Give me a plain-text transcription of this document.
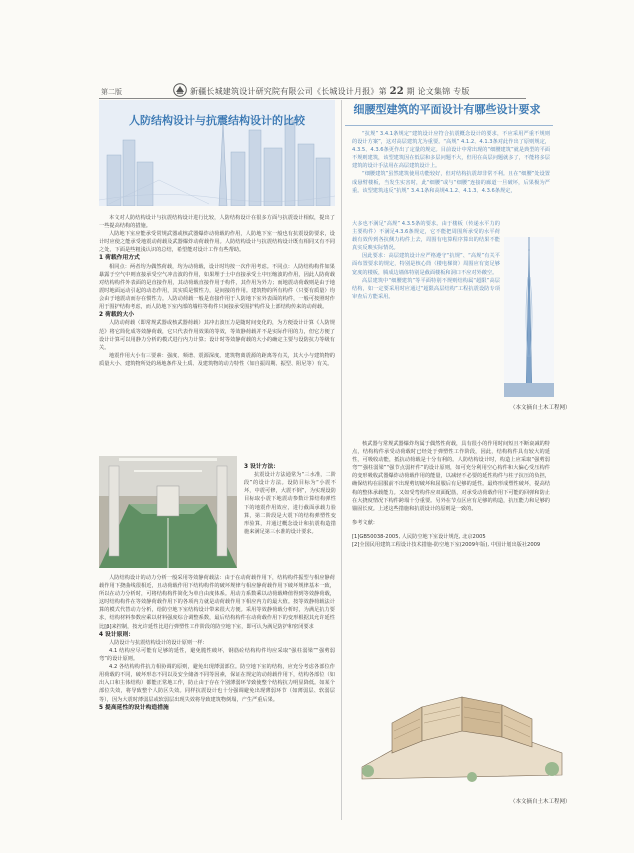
第二版	新疆长城建筑设计研究院有限公司《长城设计月报》第 22 期 论文集锦 专版
人防结构设计与抗震结构设计的比较
细腰型建筑的平面设计有哪些设计要求

本文对人防结构设计与抗震结构设计进行比较，人防结构设计在很多方面与抗震设计相似，提出了一些提高结构的措施。

人防地下室应能承受常规武器或核武器爆炸动荷载的作用，人防地下室一般也有抗震设防要求，设计时应使之能承受地震动荷载及武器爆炸动荷载作用。人防结构设计与抗震结构设计既有相同又有不同之处，下面是些粗浅认识的总结，希望能对设计工作有些帮助。

1 荷载作用方式

相同点：两者均为偶然荷载，均为动荷载，设计时均按一次作用考虑。不同点：人防结构构件如果暴露于空气中则直接承受空气冲击波的作用，如果埋于土中直接承受土中压缩波的作用，因此人防荷载对结构构件外表面的是直接作用，其动荷载直接作用于构件，其作用为外力；而地震动荷载则是由于地震时地面运动引起的动态作用，其实质是惯性力，是间接的作用。建筑物的所有构件（只要有质量）均会由于地震动而存在惯性力。人防动荷载一般是直接作用于人防地下室外表面的构件，一般可按照时作用于围护结构考虑，而人防地下室内部的墙柱等构件只间接承受围护构件及上部结构传来的动荷载。

2 荷载的大小

人防动荷载（即常规武器或核武器荷载）其冲击波压力是随时间变化的，为方便设计计算《人防规范》将它简化成等效静荷载，它只代表作用效果的等效，等效静荷载并不是实际作用的力，但它方便了设计计算可以用静力分析的模式进行内力计算；设计时等效静荷载的大小的确定主要与设防抗力等级有关。

地震作用大小有三要素：强度、频谱、震源深度。建筑物离震源的距离等有关，其大小与建筑物的质量大小、建筑物所处的场地条件及土质、及建筑物的动力特性（如自振周期、振型、阻尼等）有关。

3 设计方法：

抗震设计方法通常为“三水准，二阶段”的设计方法。设防目标为“小震不坏，中震可修，大震不倒”，为实现设防目标取小震下地震动参数计算结构弹性下的地震作用效应，进行截面承载力验算，第二阶段是大震下的结构弹塑性变形验算，并通过概念设计和抗震构造措施来满足第三水准的设计要求。

人防结构设计的动力分析一般采用等效静荷载法：由于在动荷载作用下，结构构件振型与相应静荷载作用下挠曲线很相近，且动荷载作用下结构构件的破坏规律与相应静荷载作用下破坏规律基本一致，所以在动力分析时，可将结构构件简化为单自由度体系。用动力系数乘以动荷载峰值得到等效静荷载，这时结构构件在等效静荷载作用下的各项内力就是动荷载作用下相应内力的最大值。按等效静荷载法计算的模式代替动力分析，给防空地下室结构设计带来很大方便。采用等效静荷载分析时，为满足抗力要求，结构材料参数应乘以材料强度综合调整系数，最后结构构件在动荷载作用下的变形根据其允许延性比[β]来控制，按允许延性比进行弹塑性工作阶段的防空地下室，即可认为满足防护和密闭要求

4 设计原则：

人防设计与抗震结构设计的设计原则一样：

4.1 结构应尽可能有足够的延性，避免脆性破坏，钢筋砼结构构件均应采取“强柱弱梁”“强剪弱弯”的设计原则。

4.2 各结构构件抗力相协调的原则，避免出现薄弱部位。防空地下室的结构，应充分考虑各部位作用荷载的不同，破坏形态不同以及安全储备不同等因素，保证在规定的动荷载作用下，结构各部位（如出入口和主体结构）都能正常地工作，防止由于存在个别薄弱环节致使整个结构抗力明显降低。如某个部位失效，将导致整个人防区失效。同样抗震设计也十分强调避免出现薄弱环节（如薄弱层、软弱层等），因为大震时薄弱层或软弱层出现失效将导致建筑物倒塌，产生严重后果。

5 提高延性的设计构造措施

“抗规” 3.4.1条规定“建筑设计应符合抗震概念设计的要求，不应采用严重不规则的设计方案”，这对高层建筑尤为重要。“高规” 4.1.2、4.1.3条对此作出了原则规定，4.3.5、4.3.6条更作出了定量的规定。目前设计中常出现的“细腰建筑”就是典型的平面不规则建筑，该型建筑因在低层和多层问题不大，但用在高层问题就多了，不能将多层建筑的设计手法用在高层建筑设计上。

“细腰建筑”虽然建筑使用功能较好，但对结构抗震却非常不利。且在“细腰”处设置成悬臂楼板，当发生实害时，此“细腰”或与“细腰”连接的廊道一旦破坏，后果极为严重。该型建筑违反“抗规” 3.4.1条和高规4.1.2、4.1.3、4.3.6条规定，

大多也不满足“高规” 4.3.5条的要求。由于楼板（传递水平力的主要构件）不满足4.3.6条规定，它不能把周围所承受的水平荷载有效传到各抗侧力构件上去，周围有电算程序算出的结果不能真实反映实际情况。

因此要求：高层建筑设计应严格遵守“抗规”、“高规”有关平面布置要求的规定，特别是核心筒（楼电梯筒）周围应有宽足够宽度的楼板，腾成边墙体特别是截面楼板和洞口不应对外敞空。

高层建筑中“细腰建筑”等平面特别不规则结构属“超限”高层结构，如一定要采用时应通过“超限高层结构”工程抗震设防专项审查后方能采用。

（本文摘自土木工程网）

核武器与常规武器爆炸均属于偶然性荷载，具有很小的作用时间短且不断衰减的特点，结构构件承受动荷载时已经处于弹塑性工作阶段，因此，结构构件具有较大的延性，可吸收动能，抵抗动荷载是十分有利的。人防结构设计时，构造上应采取“强剪弱弯”“强柱弱梁”“强节点弱杆件”的设计原则，如可充分利用空心构件和大偏心受压构件的变形吸收武器爆炸动荷载作用的能量，以减轻不必要的延性构件与柱子抗压的负担，确保结构在屈服前不出现剪切破坏和屈服后有足够的延性。最终形成塑性破坏，提高结构的整体承载能力。又如受弯构件应双面配筋，对承受动荷载作用下可能的回弹和防止在大挠度情况下构件跨塌十分重要。另外在节点区应有足够的构造，抗压能力和足够的锚固长度。上述这些措施和抗震设计的原则是一致的。

参考文献：

[1]GB50038-2005, 人民防空地下室设计规范, 北京2005

[2]全国民用建筑工程设计技术措施-防空地下室(2009年版), 中国计划出版社2009

（本文摘自土木工程网）
